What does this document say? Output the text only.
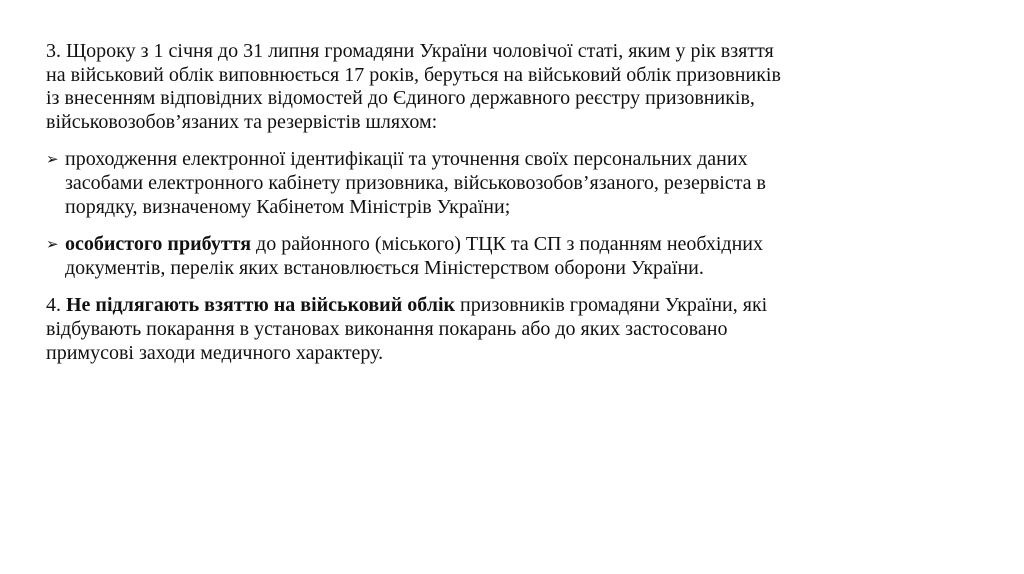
3. Щороку з 1 січня до 31 липня громадяни України чоловічої статі, яким у рік взяття
на військовий облік виповнюється 17 років, беруться на військовий облік призовників
із внесенням відповідних відомостей до Єдиного державного реєстру призовників,
військовозобов’язаних та резервістів шляхом:

➢ проходження електронної ідентифікації та уточнення своїх персональних даних
засобами електронного кабінету призовника, військовозобов’язаного, резервіста в
порядку, визначеному Кабінетом Міністрів України;
➢ особистого прибуття до районного (міського) ТЦК та СП з поданням необхідних
документів, перелік яких встановлюється Міністерством оборони України.

4. Не підлягають взяттю на військовий облік призовників громадяни України, які
відбувають покарання в установах виконання покарань або до яких застосовано
примусові заходи медичного характеру.
